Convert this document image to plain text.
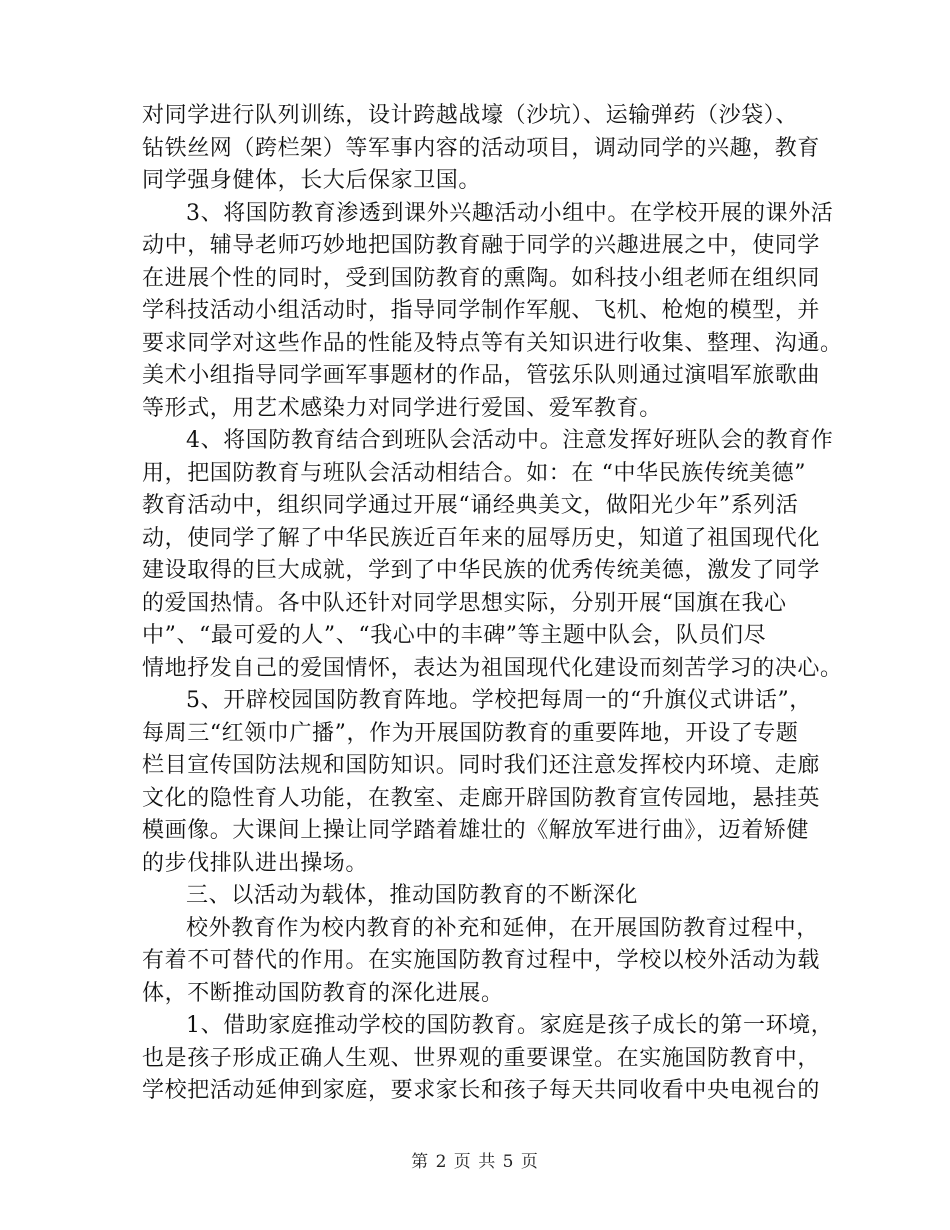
对同学进行队列训练，设计跨越战壕（沙坑）、运输弹药（沙袋）、
钻铁丝网（跨栏架）等军事内容的活动项目，调动同学的兴趣，教育
同学强身健体，长大后保家卫国。
3、将国防教育渗透到课外兴趣活动小组中。在学校开展的课外活
动中，辅导老师巧妙地把国防教育融于同学的兴趣进展之中，使同学
在进展个性的同时，受到国防教育的熏陶。如科技小组老师在组织同
学科技活动小组活动时，指导同学制作军舰、飞机、枪炮的模型，并
要求同学对这些作品的性能及特点等有关知识进行收集、整理、沟通。
美术小组指导同学画军事题材的作品，管弦乐队则通过演唱军旅歌曲
等形式，用艺术感染力对同学进行爱国、爱军教育。
4、将国防教育结合到班队会活动中。注意发挥好班队会的教育作
用，把国防教育与班队会活动相结合。如：在 “中华民族传统美德”
教育活动中，组织同学通过开展“诵经典美文，做阳光少年”系列活
动，使同学了解了中华民族近百年来的屈辱历史，知道了祖国现代化
建设取得的巨大成就，学到了中华民族的优秀传统美德，激发了同学
的爱国热情。各中队还针对同学思想实际，分别开展“国旗在我心
中”、“最可爱的人”、“我心中的丰碑”等主题中队会，队员们尽
情地抒发自己的爱国情怀，表达为祖国现代化建设而刻苦学习的决心。
5、开辟校园国防教育阵地。学校把每周一的“升旗仪式讲话”，
每周三“红领巾广播”，作为开展国防教育的重要阵地，开设了专题
栏目宣传国防法规和国防知识。同时我们还注意发挥校内环境、走廊
文化的隐性育人功能，在教室、走廊开辟国防教育宣传园地，悬挂英
模画像。大课间上操让同学踏着雄壮的《解放军进行曲》，迈着矫健
的步伐排队进出操场。
三、以活动为载体，推动国防教育的不断深化
校外教育作为校内教育的补充和延伸，在开展国防教育过程中，
有着不可替代的作用。在实施国防教育过程中，学校以校外活动为载
体，不断推动国防教育的深化进展。
1、借助家庭推动学校的国防教育。家庭是孩子成长的第一环境，
也是孩子形成正确人生观、世界观的重要课堂。在实施国防教育中，
学校把活动延伸到家庭，要求家长和孩子每天共同收看中央电视台的
第 2 页 共 5 页
